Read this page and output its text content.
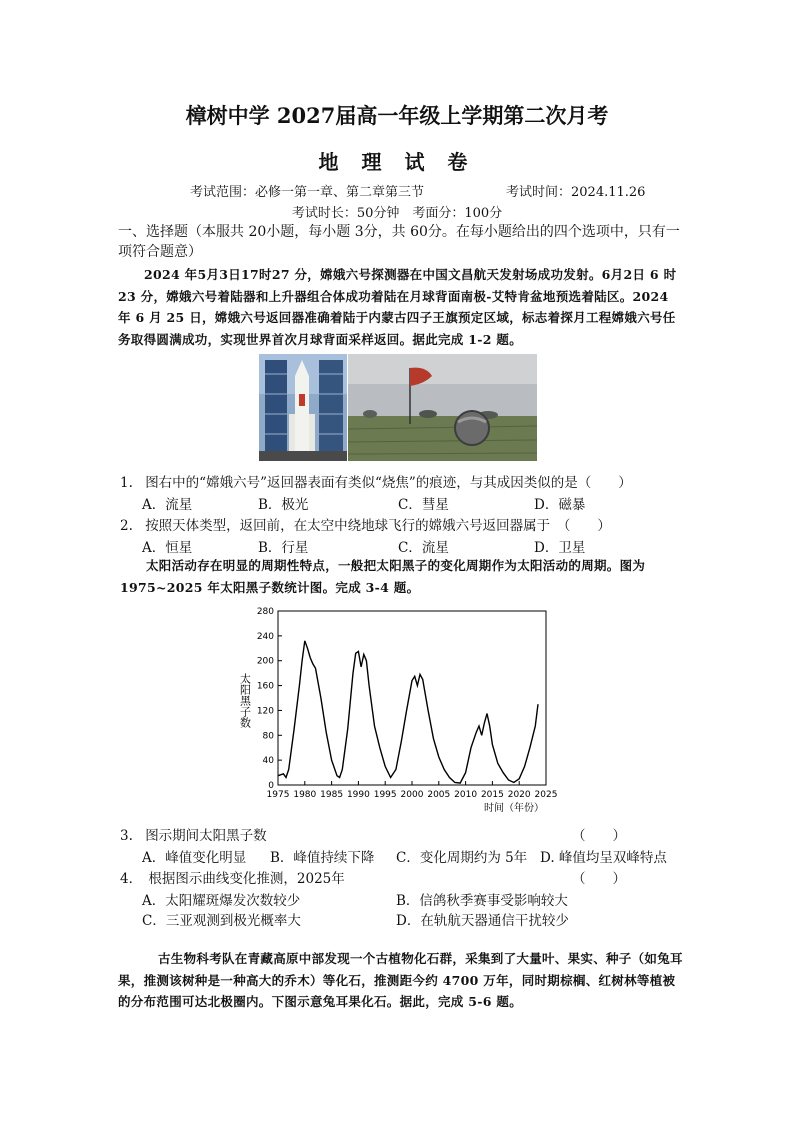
樟树中学 2027届高一年级上学期第二次月考
地 理 试 卷
考试范围：必修一第一章、第二章第三节	考试时间：2024.11.26
考试时长：50分钟　考面分：100分
一、选择题（本服共 20小题，每小题 3分，共 60分。在每小题给出的四个选项中，只有一项符合题意）
2024 年5月3日17时27 分，嫦娥六号探测器在中国文昌航天发射场成功发射。6月2日 6 时 23 分，嫦娥六号着陆器和上升器组合体成功着陆在月球背面南极-艾特肯盆地预选着陆区。2024 年 6 月 25 日，嫦娥六号返回器准确着陆于内蒙古四子王旗预定区域，标志着探月工程嫦娥六号任务取得圆满成功，实现世界首次月球背面采样返回。据此完成 1-2 题。
1. 图右中的“嫦娥六号”返回器表面有类似“烧焦”的痕迹，与其成因类似的是（　　）
A．流星	B．极光	C．彗星	D．磁暴
2. 按照天体类型，返回前，在太空中绕地球飞行的嫦娥六号返回器属于　（　　）
A．恒星	B．行星	C．流星	D．卫星
太阳活动存在明显的周期性特点，一般把太阳黑子的变化周期作为太阳活动的周期。图为 1975~2025 年太阳黑子数统计图。完成 3-4 题。
0
40
80
120
160
200
240
280
1975 1980 1985 1990 1995 2000 2005 2010 2015 2020 2025
太阳黑子数
时间（年份）
3. 图示期间太阳黑子数	（　　）
A．峰值变化明显 B．峰值持续下降 C．变化周期约为 5年 D. 峰值均呈双峰特点
4． 根据图示曲线变化推测，2025年	（　　）
A．太阳耀斑爆发次数较少	B．信鸽秋季赛事受影响较大
C．三亚观测到极光概率大	D．在轨航天器通信干扰较少
古生物科考队在青藏高原中部发现一个古植物化石群，采集到了大量叶、果实、种子（如兔耳果，推测该树种是一种高大的乔木）等化石，推测距今约 4700 万年，同时期棕榈、红树林等植被的分布范围可达北极圈内。下图示意兔耳果化石。据此，完成 5-6 题。
